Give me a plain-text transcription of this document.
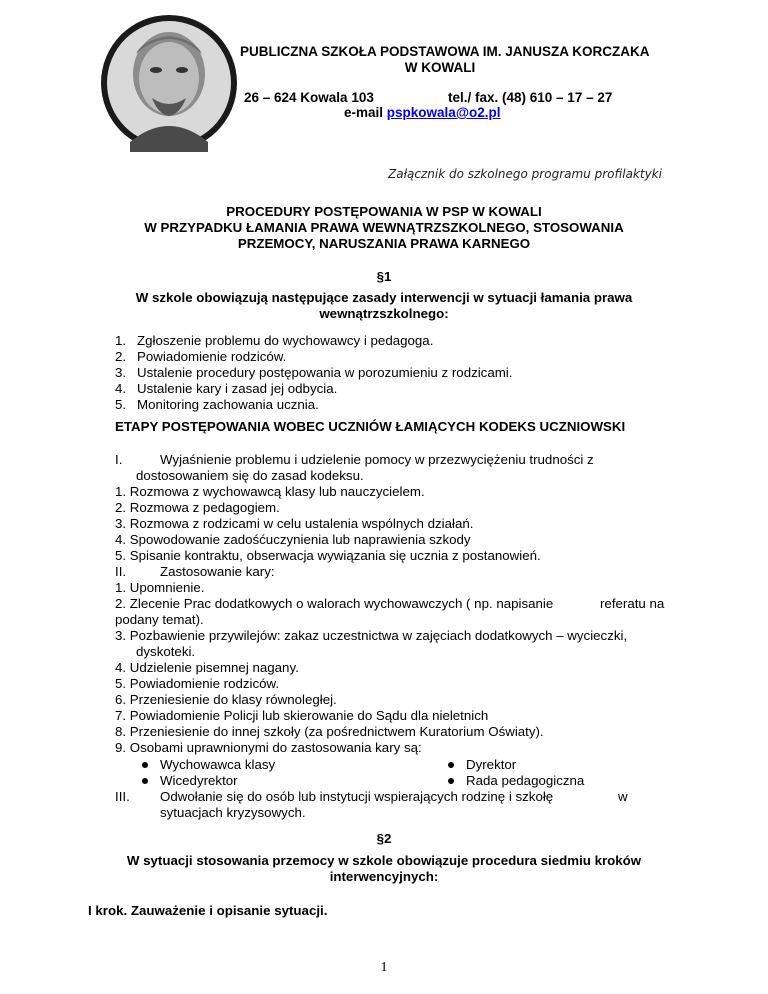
PUBLICZNA SZKOŁA PODSTAWOWA IM. JANUSZA KORCZAKA
W KOWALI
26 – 624 Kowala 103	tel./ fax. (48) 610 – 17 – 27
e-mail pspkowala@o2.pl
Załącznik do szkolnego programu profilaktyki
PROCEDURY POSTĘPOWANIA W PSP W KOWALI
W PRZYPADKU ŁAMANIA PRAWA WEWNĄTRZSZKOLNEGO, STOSOWANIA
PRZEMOCY, NARUSZANIA PRAWA KARNEGO
§1
W szkole obowiązują następujące zasady interwencji w sytuacji łamania prawa
wewnątrzszkolnego:
1. Zgłoszenie problemu do wychowawcy i pedagoga.
2. Powiadomienie rodziców.
3. Ustalenie procedury postępowania w porozumieniu z rodzicami.
4. Ustalenie kary i zasad jej odbycia.
5. Monitoring zachowania ucznia.
ETAPY POSTĘPOWANIA WOBEC UCZNIÓW ŁAMIĄCYCH KODEKS UCZNIOWSKI
I.	Wyjaśnienie problemu i udzielenie pomocy w przezwyciężeniu trudności z
dostosowaniem się do zasad kodeksu.
1. Rozmowa z wychowawcą klasy lub nauczycielem.
2. Rozmowa z pedagogiem.
3. Rozmowa z rodzicami w celu ustalenia wspólnych działań.
4. Spowodowanie zadośćuczynienia lub naprawienia szkody
5. Spisanie kontraktu, obserwacja wywiązania się ucznia z postanowień.
II.	Zastosowanie kary:
1. Upomnienie.
2. Zlecenie Prac dodatkowych o walorach wychowawczych ( np. napisanie	referatu na
podany temat).
3. Pozbawienie przywilejów: zakaz uczestnictwa w zajęciach dodatkowych – wycieczki,
dyskoteki.
4. Udzielenie pisemnej nagany.
5. Powiadomienie rodziców.
6. Przeniesienie do klasy równoległej.
7. Powiadomienie Policji lub skierowanie do Sądu dla nieletnich
8. Przeniesienie do innej szkoły (za pośrednictwem Kuratorium Oświaty).
9. Osobami uprawnionymi do zastosowania kary są:
Wychowawca klasy	Dyrektor
Wicedyrektor	Rada pedagogiczna
III. Odwołanie się do osób lub instytucji wspierających rodzinę i szkołę	w
sytuacjach kryzysowych.
§2
W sytuacji stosowania przemocy w szkole obowiązuje procedura siedmiu kroków
interwencyjnych:
I krok. Zauważenie i opisanie sytuacji.
1
